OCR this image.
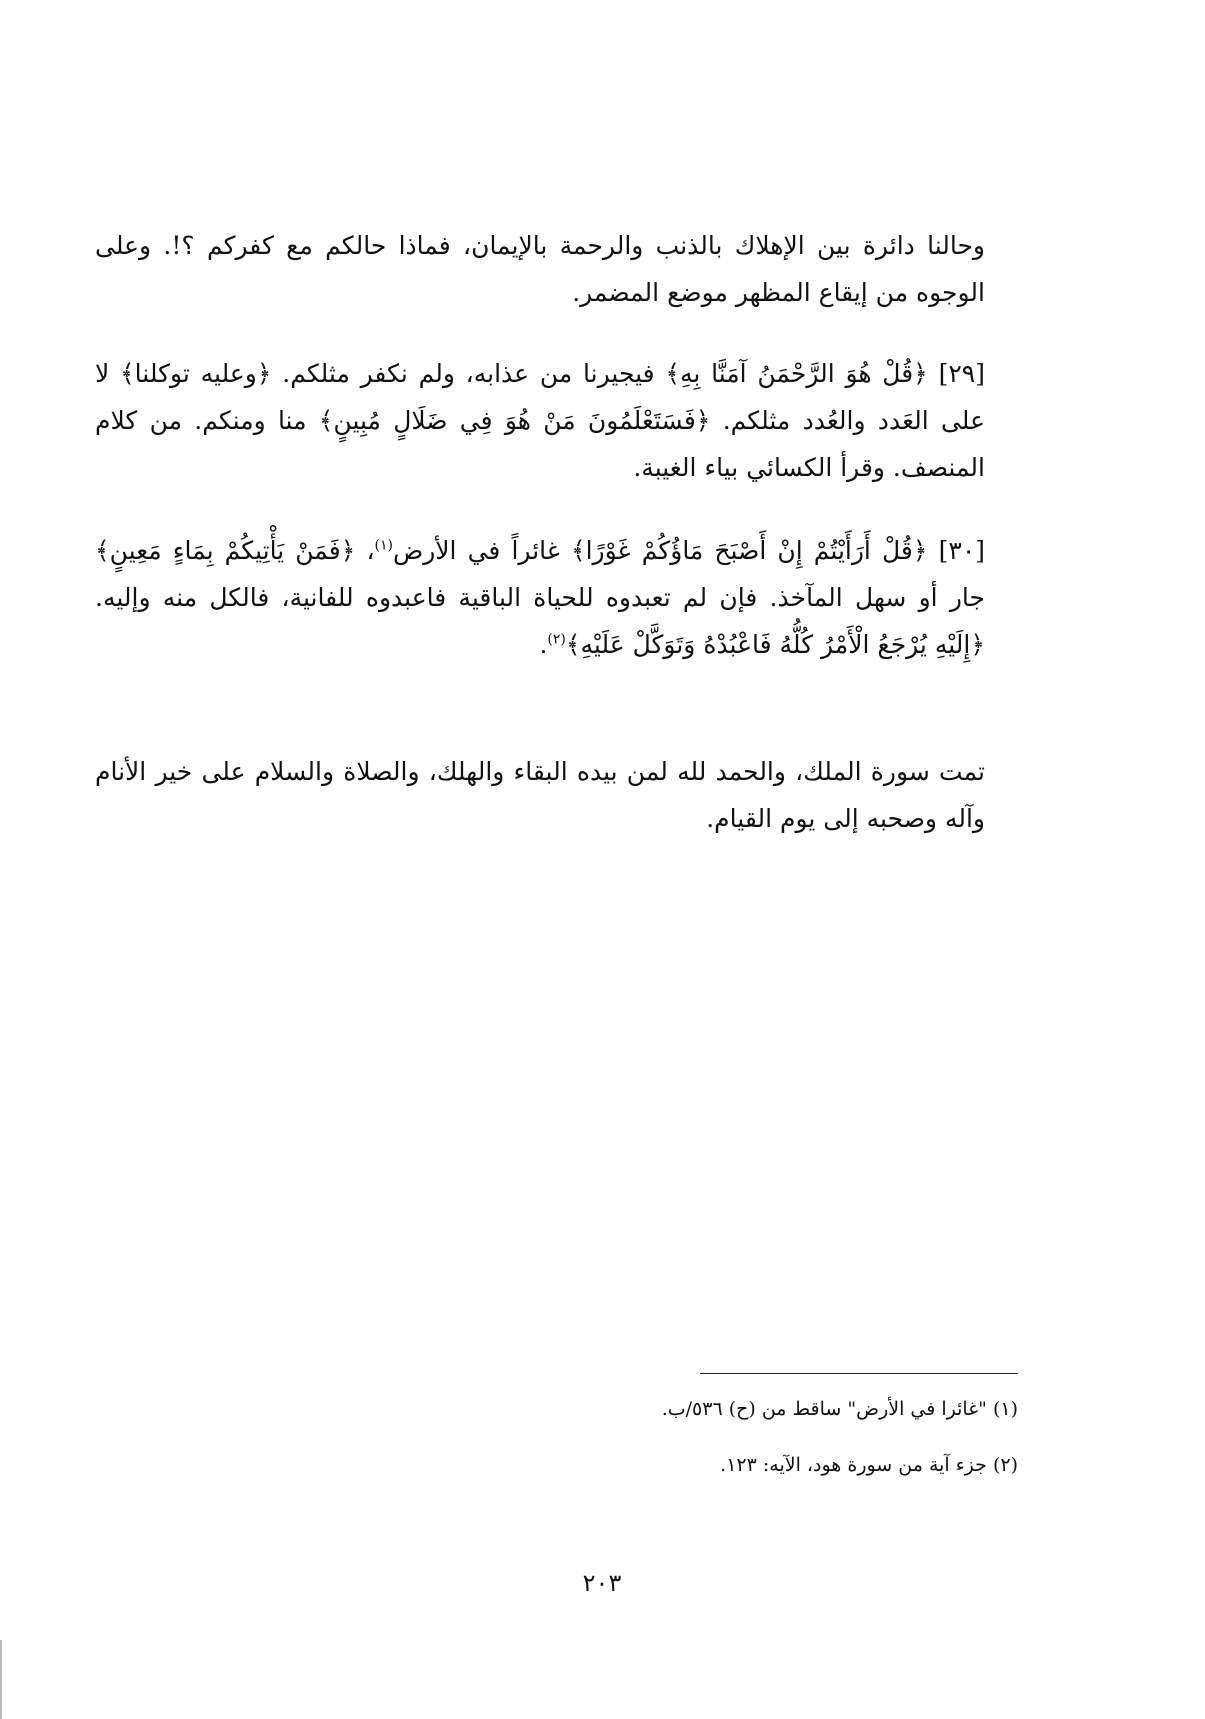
وحالنا دائرة بين الإهلاك بالذنب والرحمة بالإيمان، فماذا حالكم مع كفركم ؟!. وعلى الوجوه من إيقاع المظهر موضع المضمر.

[٢٩] ﴿قُلْ هُوَ الرَّحْمَنُ آمَنَّا بِهِ﴾ فيجيرنا من عذابه، ولم نكفر مثلكم. ﴿وعليه توكلنا﴾ لا على العَدد والعُدد مثلكم. ﴿فَسَتَعْلَمُونَ مَنْ هُوَ فِي ضَلَالٍ مُبِينٍ﴾ منا ومنكم. من كلام المنصف. وقرأ الكسائي بياء الغيبة.

[٣٠] ﴿قُلْ أَرَأَيْتُمْ إِنْ أَصْبَحَ مَاؤُكُمْ غَوْرًا﴾ غائراً في الأرض$^{(١)}$، ﴿فَمَنْ يَأْتِيكُمْ بِمَاءٍ مَعِينٍ﴾ جار أو سهل المآخذ. فإن لم تعبدوه للحياة الباقية فاعبدوه للفانية، فالكل منه وإليه. ﴿إِلَيْهِ يُرْجَعُ الْأَمْرُ كُلُّهُ فَاعْبُدْهُ وَتَوَكَّلْ عَلَيْهِ﴾$^{(٢)}$.

تمت سورة الملك، والحمد لله لمن بيده البقاء والهلك، والصلاة والسلام على خير الأنام وآله وصحبه إلى يوم القيام.

(١) "غائرا في الأرض" ساقط من (ح) ٥٣٦/ب.
(٢) جزء آية من سورة هود، الآيه: ١٢٣.
٢٠٣
